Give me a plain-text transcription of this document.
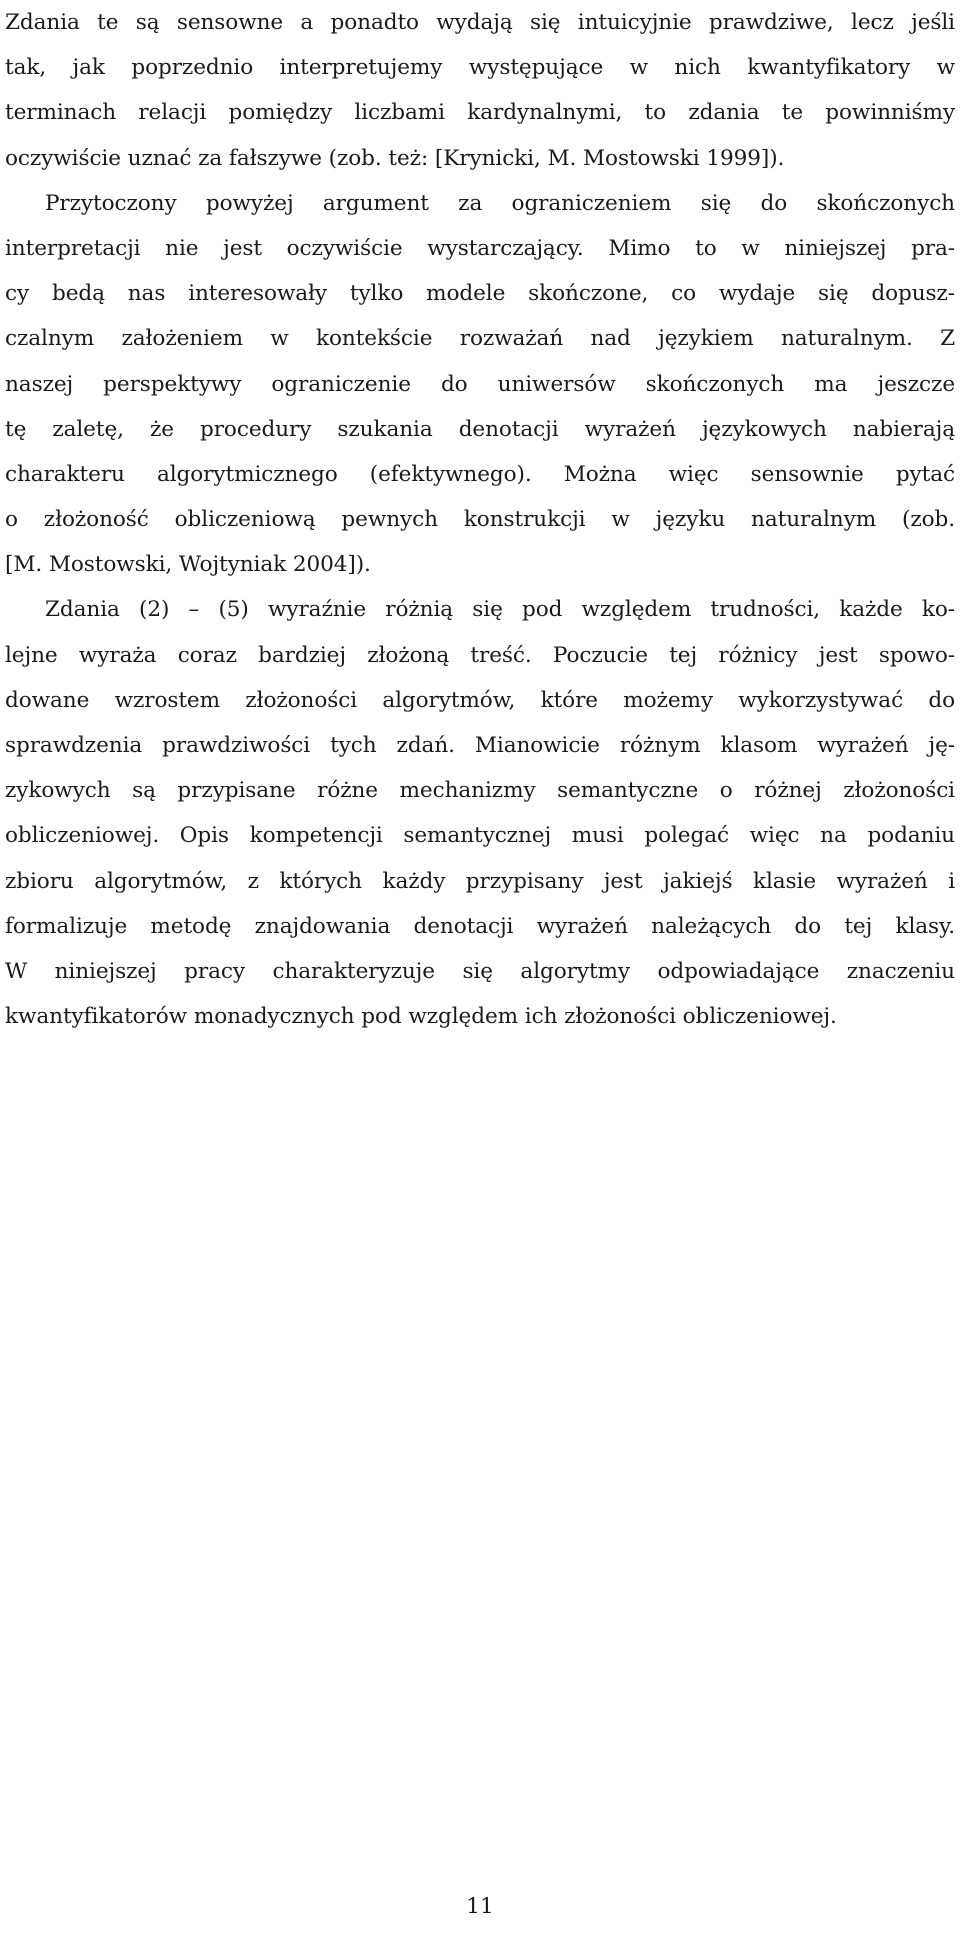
Zdania te są sensowne a ponadto wydają się intuicyjnie prawdziwe, lecz jeśli
tak, jak poprzednio interpretujemy występujące w nich kwantyfikatory w
terminach relacji pomiędzy liczbami kardynalnymi, to zdania te powinniśmy
oczywiście uznać za fałszywe (zob. też: [Krynicki, M. Mostowski 1999]).
Przytoczony powyżej argument za ograniczeniem się do skończonych
interpretacji nie jest oczywiście wystarczający. Mimo to w niniejszej pra-
cy bedą nas interesowały tylko modele skończone, co wydaje się dopusz-
czalnym założeniem w kontekście rozważań nad językiem naturalnym. Z
naszej perspektywy ograniczenie do uniwersów skończonych ma jeszcze
tę zaletę, że procedury szukania denotacji wyrażeń językowych nabierają
charakteru algorytmicznego (efektywnego). Można więc sensownie pytać
o złożoność obliczeniową pewnych konstrukcji w języku naturalnym (zob.
[M. Mostowski, Wojtyniak 2004]).
Zdania (2) – (5) wyraźnie różnią się pod względem trudności, każde ko-
lejne wyraża coraz bardziej złożoną treść. Poczucie tej różnicy jest spowo-
dowane wzrostem złożoności algorytmów, które możemy wykorzystywać do
sprawdzenia prawdziwości tych zdań. Mianowicie różnym klasom wyrażeń ję-
zykowych są przypisane różne mechanizmy semantyczne o różnej złożoności
obliczeniowej. Opis kompetencji semantycznej musi polegać więc na podaniu
zbioru algorytmów, z których każdy przypisany jest jakiejś klasie wyrażeń i
formalizuje metodę znajdowania denotacji wyrażeń należących do tej klasy.
W niniejszej pracy charakteryzuje się algorytmy odpowiadające znaczeniu
kwantyfikatorów monadycznych pod względem ich złożoności obliczeniowej.
11
